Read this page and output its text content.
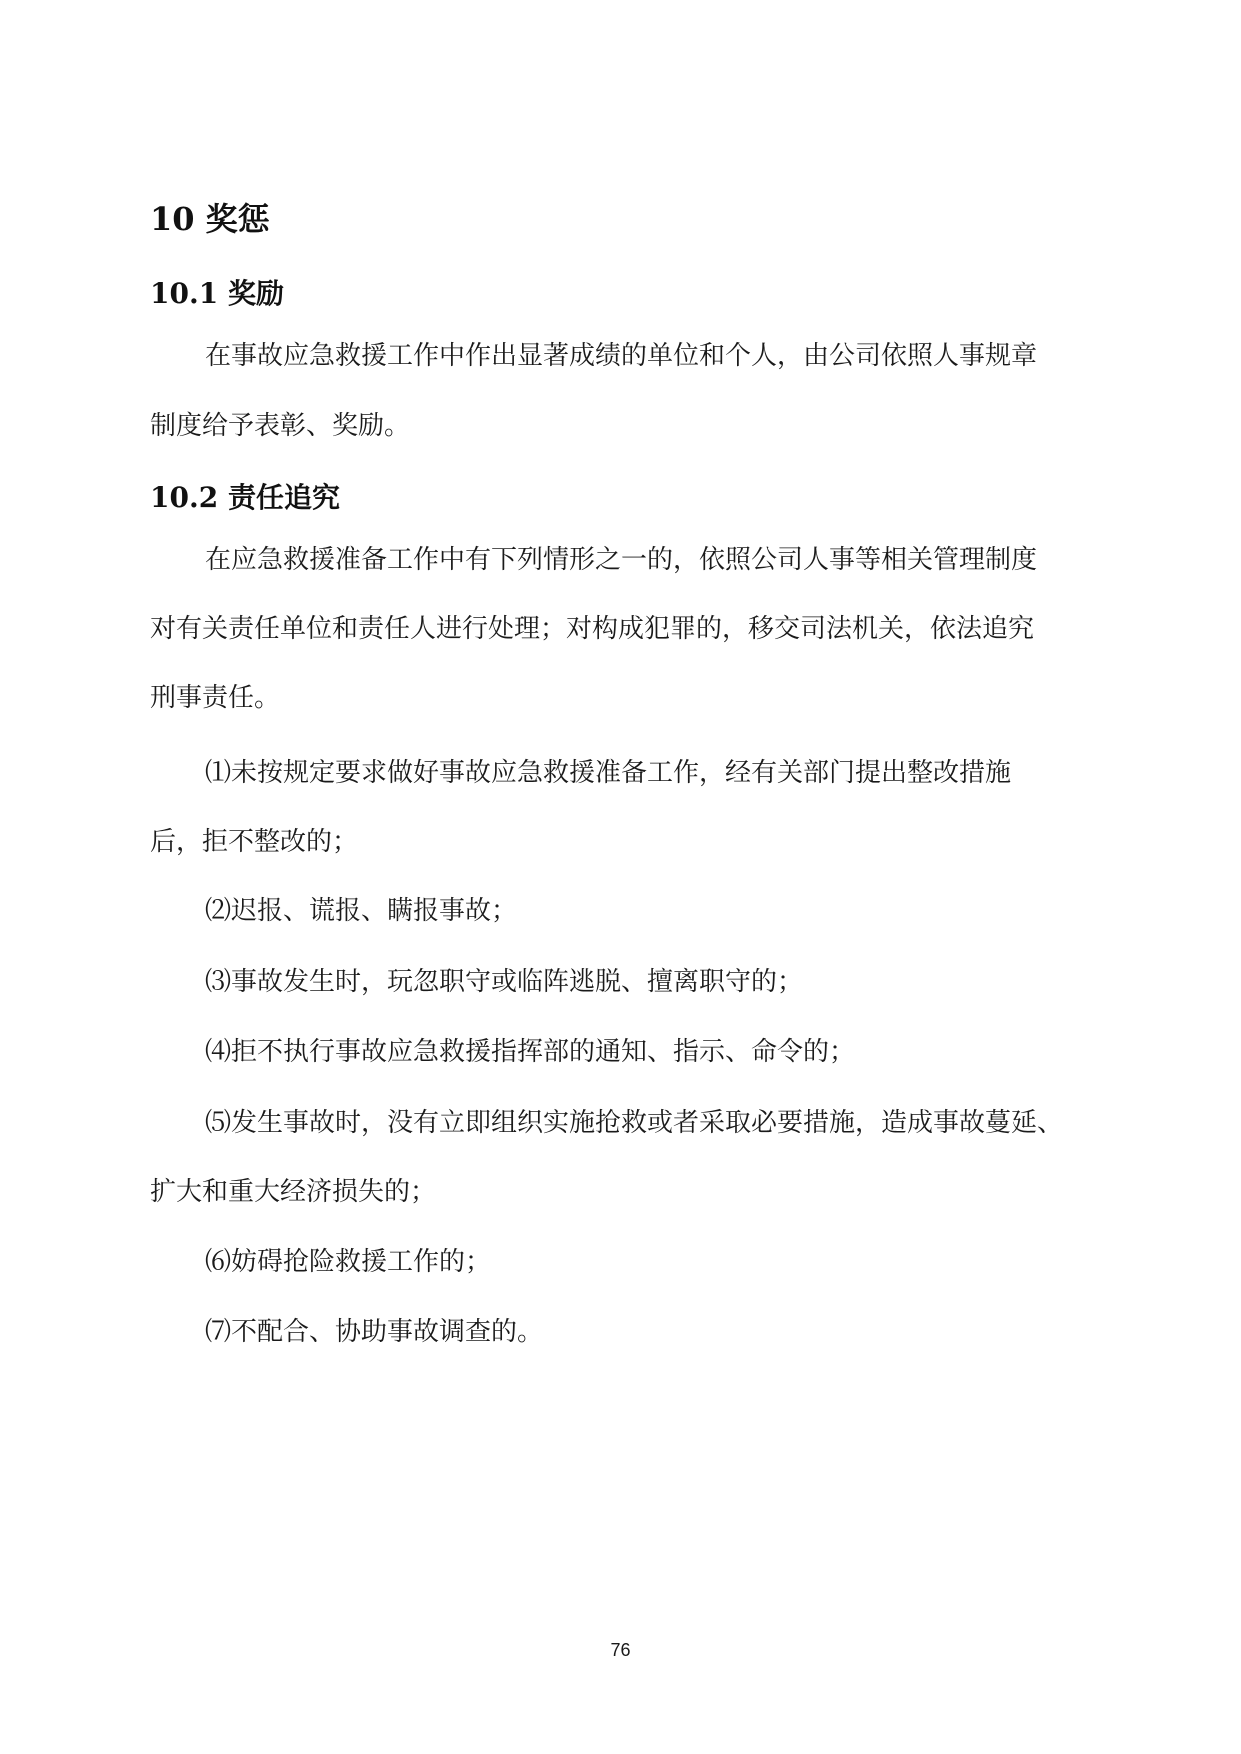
10 奖惩
10.1 奖励

在事故应急救援工作中作出显著成绩的单位和个人，由公司依照人事规章

制度给予表彰、奖励。

10.2 责任追究

在应急救援准备工作中有下列情形之一的，依照公司人事等相关管理制度

对有关责任单位和责任人进行处理；对构成犯罪的，移交司法机关，依法追究

刑事责任。

⑴未按规定要求做好事故应急救援准备工作，经有关部门提出整改措施

后，拒不整改的；

⑵迟报、谎报、瞒报事故；

⑶事故发生时，玩忽职守或临阵逃脱、擅离职守的；

⑷拒不执行事故应急救援指挥部的通知、指示、命令的；

⑸发生事故时，没有立即组织实施抢救或者采取必要措施，造成事故蔓延、

扩大和重大经济损失的；

⑹妨碍抢险救援工作的；

⑺不配合、协助事故调查的。

76
